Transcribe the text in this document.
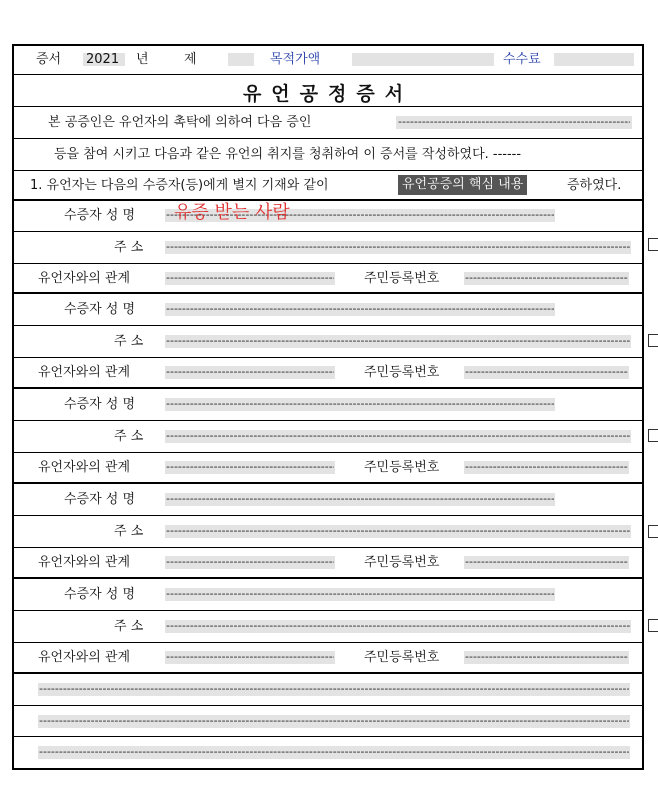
증서 2021 년	제	목적가액	수수료
유언공정증서
본 공증인은 유언자의 촉탁에 의하여 다음 증인
-----
등을 참여 시키고 다음과 같은 유언의 취지를 청취하여 이 증서를 작성하였다. ------
1. 유언자는 다음의 수증자(등)에게 별지 기재와 같이	유언공증의 핵심 내용	증하였다.
수증자 성 명 ----- 유증 받는 사람
주 소
-----
유언자와의 관계 -----	주민등록번호
-----
수증자 성 명
-----
주 소
-----
유언자와의 관계 -----	주민등록번호
-----
수증자 성 명
-----
주 소
-----
유언자와의 관계 -----	주민등록번호
-----
수증자 성 명
-----
주 소
-----
유언자와의 관계 -----	주민등록번호
-----
수증자 성 명
-----
주 소
-----
유언자와의 관계 -----	주민등록번호
-----
-----
-----
-----
